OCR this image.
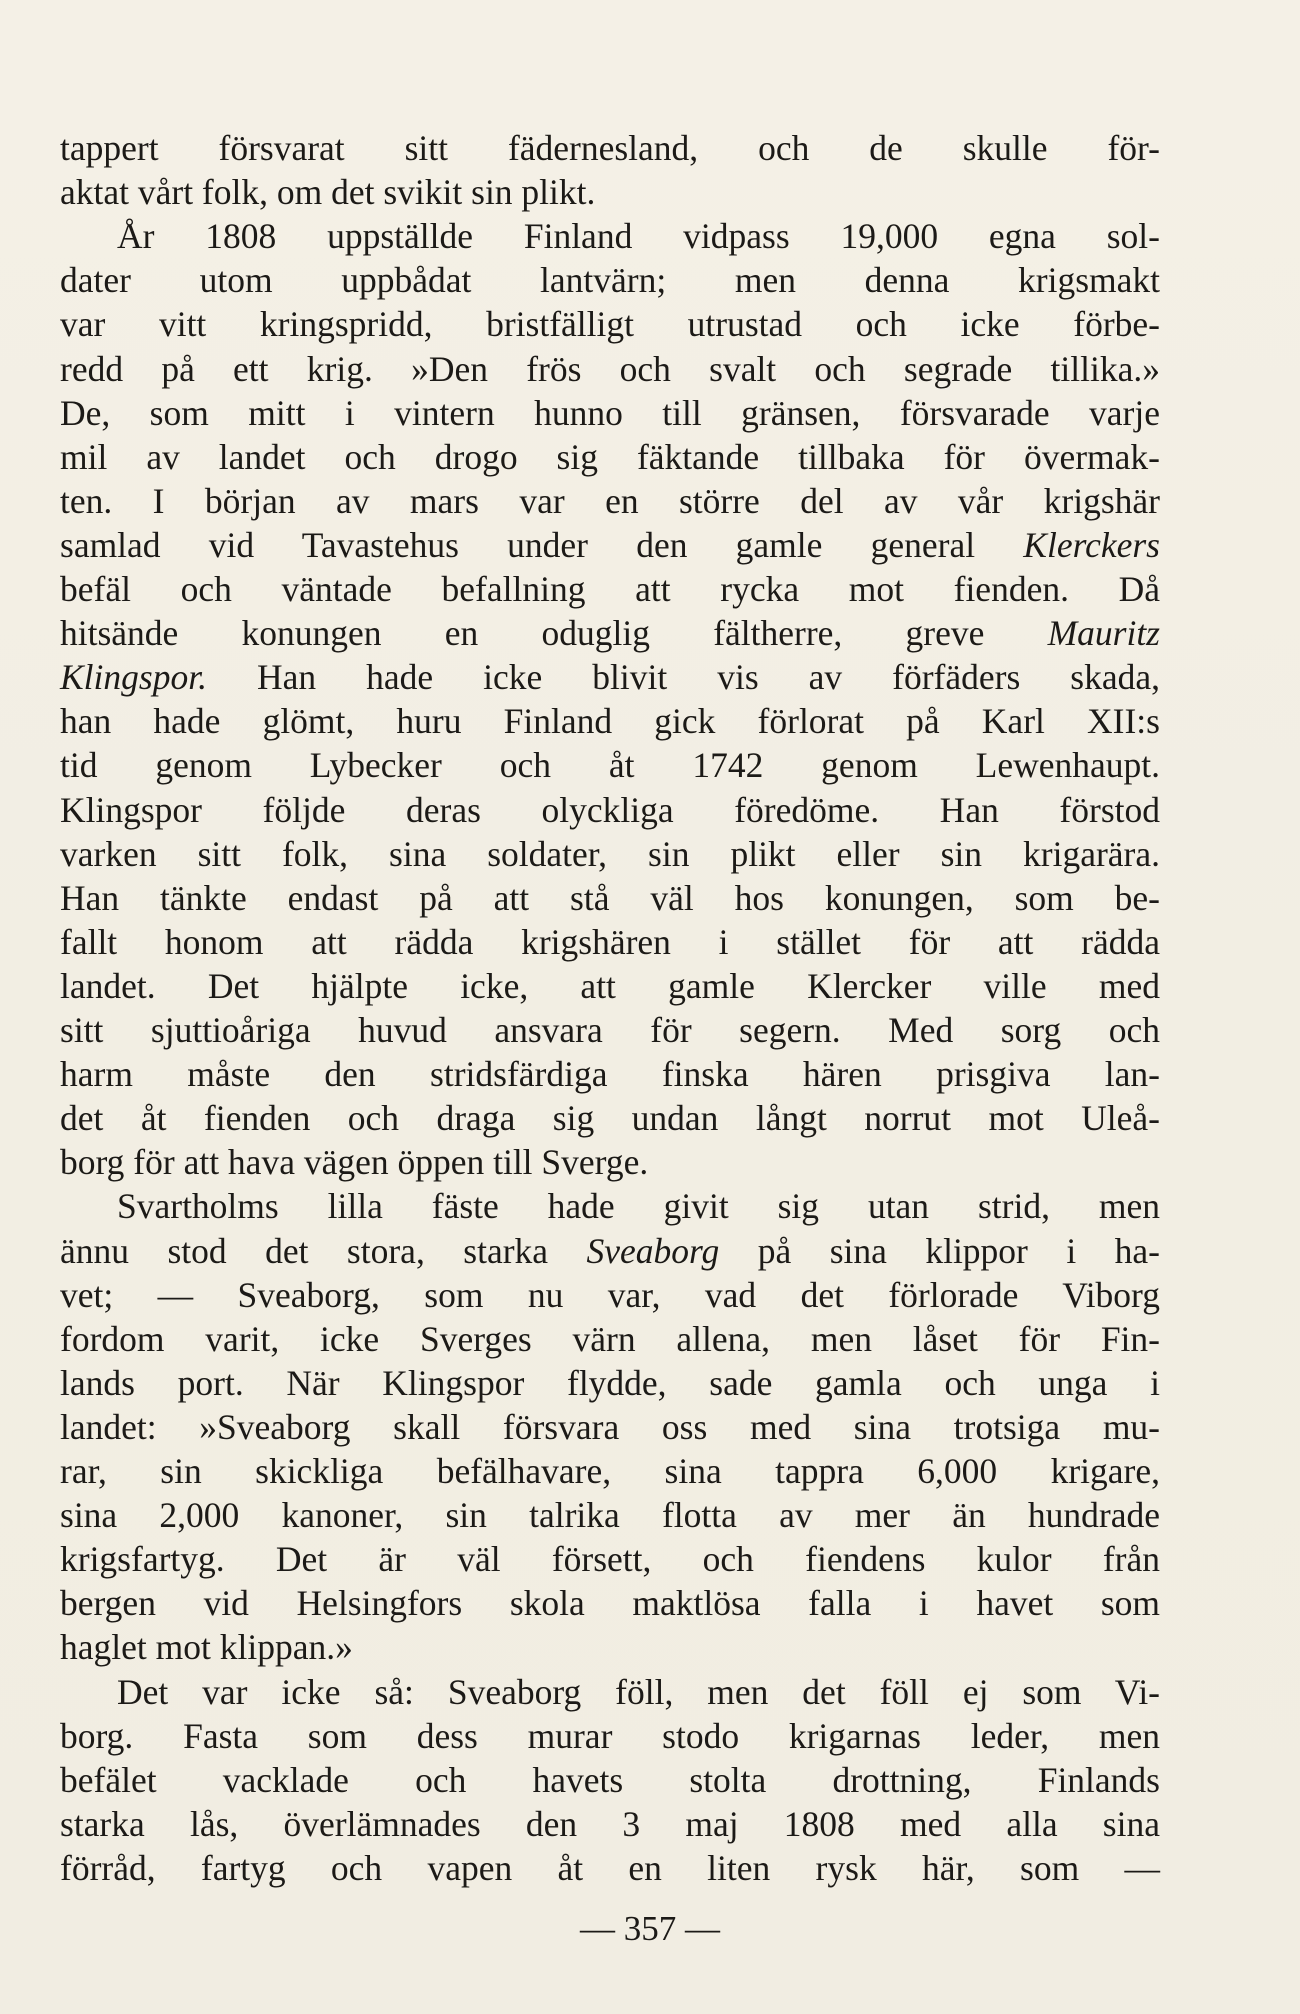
tappert försvarat sitt fädernesland, och de skulle för-
aktat vårt folk, om det svikit sin plikt.
År 1808 uppställde Finland vidpass 19,000 egna sol-
dater utom uppbådat lantvärn; men denna krigsmakt
var vitt kringspridd, bristfälligt utrustad och icke förbe-
redd på ett krig. »Den frös och svalt och segrade tillika.»
De, som mitt i vintern hunno till gränsen, försvarade varje
mil av landet och drogo sig fäktande tillbaka för övermak-
ten. I början av mars var en större del av vår krigshär
samlad vid Tavastehus under den gamle general Klerckers
befäl och väntade befallning att rycka mot fienden. Då
hitsände konungen en oduglig fältherre, greve Mauritz
Klingspor. Han hade icke blivit vis av förfäders skada,
han hade glömt, huru Finland gick förlorat på Karl XII:s
tid genom Lybecker och åt 1742 genom Lewenhaupt.
Klingspor följde deras olyckliga föredöme. Han förstod
varken sitt folk, sina soldater, sin plikt eller sin krigarära.
Han tänkte endast på att stå väl hos konungen, som be-
fallt honom att rädda krigshären i stället för att rädda
landet. Det hjälpte icke, att gamle Klercker ville med
sitt sjuttioåriga huvud ansvara för segern. Med sorg och
harm måste den stridsfärdiga finska hären prisgiva lan-
det åt fienden och draga sig undan långt norrut mot Uleå-
borg för att hava vägen öppen till Sverge.
Svartholms lilla fäste hade givit sig utan strid, men
ännu stod det stora, starka Sveaborg på sina klippor i ha-
vet; — Sveaborg, som nu var, vad det förlorade Viborg
fordom varit, icke Sverges värn allena, men låset för Fin-
lands port. När Klingspor flydde, sade gamla och unga i
landet: »Sveaborg skall försvara oss med sina trotsiga mu-
rar, sin skickliga befälhavare, sina tappra 6,000 krigare,
sina 2,000 kanoner, sin talrika flotta av mer än hundrade
krigsfartyg. Det är väl försett, och fiendens kulor från
bergen vid Helsingfors skola maktlösa falla i havet som
haglet mot klippan.»
Det var icke så: Sveaborg föll, men det föll ej som Vi-
borg. Fasta som dess murar stodo krigarnas leder, men
befälet vacklade och havets stolta drottning, Finlands
starka lås, överlämnades den 3 maj 1808 med alla sina
förråd, fartyg och vapen åt en liten rysk här, som —
— 357 —
